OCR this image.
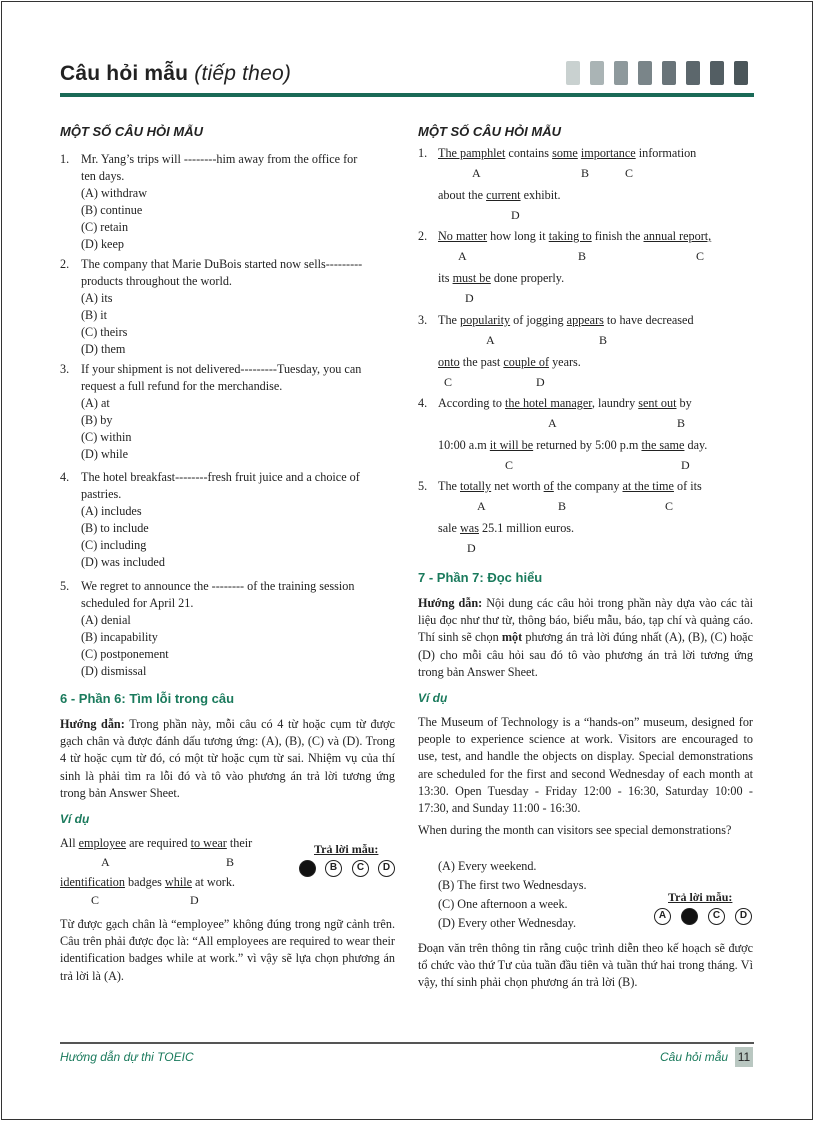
Câu hỏi mẫu (tiếp theo)
MỘT SỐ CÂU HỎI MẪU
1. Mr. Yang’s trips will --------him away from the office for
ten days.
(A) withdraw
(B) continue
(C) retain
(D) keep
2. The company that Marie DuBois started now sells---------
products throughout the world.
(A) its
(B) it
(C) theirs
(D) them
3. If your shipment is not delivered---------Tuesday, you can
request a full refund for the merchandise.
(A) at
(B) by
(C) within
(D) while
4. The hotel breakfast--------fresh fruit juice and a choice of
pastries.
(A) includes
(B) to include
(C) including
(D) was included
5. We regret to announce the -------- of the training session
scheduled for April 21.
(A) denial
(B) incapability
(C) postponement
(D) dismissal
6 - Phần 6: Tìm lỗi trong câu
Hướng dẫn: Trong phần này, mỗi câu có 4 từ hoặc cụm từ được gạch chân và được đánh dấu tương ứng: (A), (B), (C) và (D). Trong 4 từ hoặc cụm từ đó, có một từ hoặc cụm từ sai. Nhiệm vụ của thí sinh là phải tìm ra lỗi đó và tô vào phương án trả lời tương ứng trong bản Answer Sheet.
Ví dụ
All employee are required to wear their
A	B
identification badges while at work.
C	D
Trả lời mẫu:
B	C	D
Từ được gạch chân là “employee” không đúng trong ngữ cảnh trên. Câu trên phải được đọc là: “All employees are required to wear their identification badges while at work.” vì vậy sẽ lựa chọn phương án trả lời là (A).
MỘT SỐ CÂU HỎI MẪU
1. The pamphlet contains some importance information
A	B	C
about the current exhibit.
D
2. No matter how long it taking to finish the annual report,
A	B	C
its must be done properly.
D
3. The popularity of jogging appears to have decreased
A	B
onto the past couple of years.
C	D
4. According to the hotel manager, laundry sent out by
A	B
10:00 a.m it will be returned by 5:00 p.m the same day.
C	D
5. The totally net worth of the company at the time of its
A	B	C
sale was 25.1 million euros.
D
7 - Phần 7: Đọc hiểu
Hướng dẫn: Nội dung các câu hỏi trong phần này dựa vào các tài liệu đọc như thư từ, thông báo, biểu mẫu, báo, tạp chí và quảng cáo. Thí sinh sẽ chọn một phương án trả lời đúng nhất (A), (B), (C) hoặc (D) cho mỗi câu hỏi sau đó tô vào phương án trả lời tương ứng trong bản Answer Sheet.
Ví dụ
The Museum of Technology is a “hands-on” museum, designed for people to experience science at work. Visitors are encouraged to use, test, and handle the objects on display. Special demonstrations are scheduled for the first and second Wednesday of each month at 13:30. Open Tuesday - Friday 12:00 - 16:30, Saturday 10:00 - 17:30, and Sunday 11:00 - 16:30.
When during the month can visitors see special demonstrations?
(A) Every weekend.
(B) The first two Wednesdays.
(C) One afternoon a week.
(D) Every other Wednesday.
Trả lời mẫu:
A	C	D
Đoạn văn trên thông tin rằng cuộc trình diễn theo kế hoạch sẽ được tổ chức vào thứ Tư của tuần đầu tiên và tuần thứ hai trong tháng. Vì vậy, thí sinh phải chọn phương án trả lời (B).
Hướng dẫn dự thi TOEIC	Câu hỏi mẫu 11
